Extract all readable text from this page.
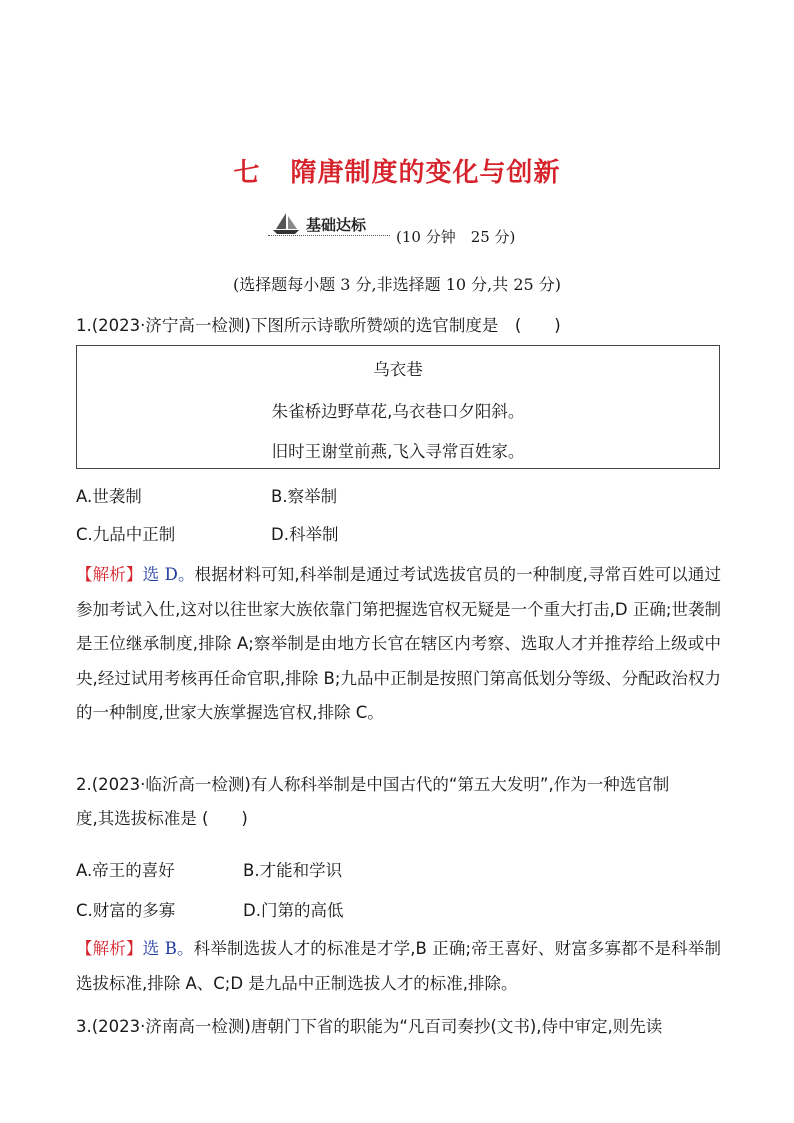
七 隋唐制度的变化与创新
基础达标
(10 分钟　25 分)
(选择题每小题 3 分,非选择题 10 分,共 25 分)
1.(2023·济宁高一检测)下图所示诗歌所赞颂的选官制度是　(　　)
乌衣巷
朱雀桥边野草花,乌衣巷口夕阳斜。
旧时王谢堂前燕,飞入寻常百姓家。
A.世袭制	B.察举制
C.九品中正制	D.科举制
【解析】选 D。根据材料可知,科举制是通过考试选拔官员的一种制度,寻常百姓可以通过参加考试入仕,这对以往世家大族依靠门第把握选官权无疑是一个重大打击,D 正确;世袭制是王位继承制度,排除 A;察举制是由地方长官在辖区内考察、选取人才并推荐给上级或中央,经过试用考核再任命官职,排除 B;九品中正制是按照门第高低划分等级、分配政治权力的一种制度,世家大族掌握选官权,排除 C。
2.(2023·临沂高一检测)有人称科举制是中国古代的“第五大发明”,作为一种选官制
度,其选拔标准是 (　　)
A.帝王的喜好	B.才能和学识
C.财富的多寡	D.门第的高低
【解析】选 B。科举制选拔人才的标准是才学,B 正确;帝王喜好、财富多寡都不是科举制选拔标准,排除 A、C;D 是九品中正制选拔人才的标准,排除。
3.(2023·济南高一检测)唐朝门下省的职能为“凡百司奏抄(文书),侍中审定,则先读
